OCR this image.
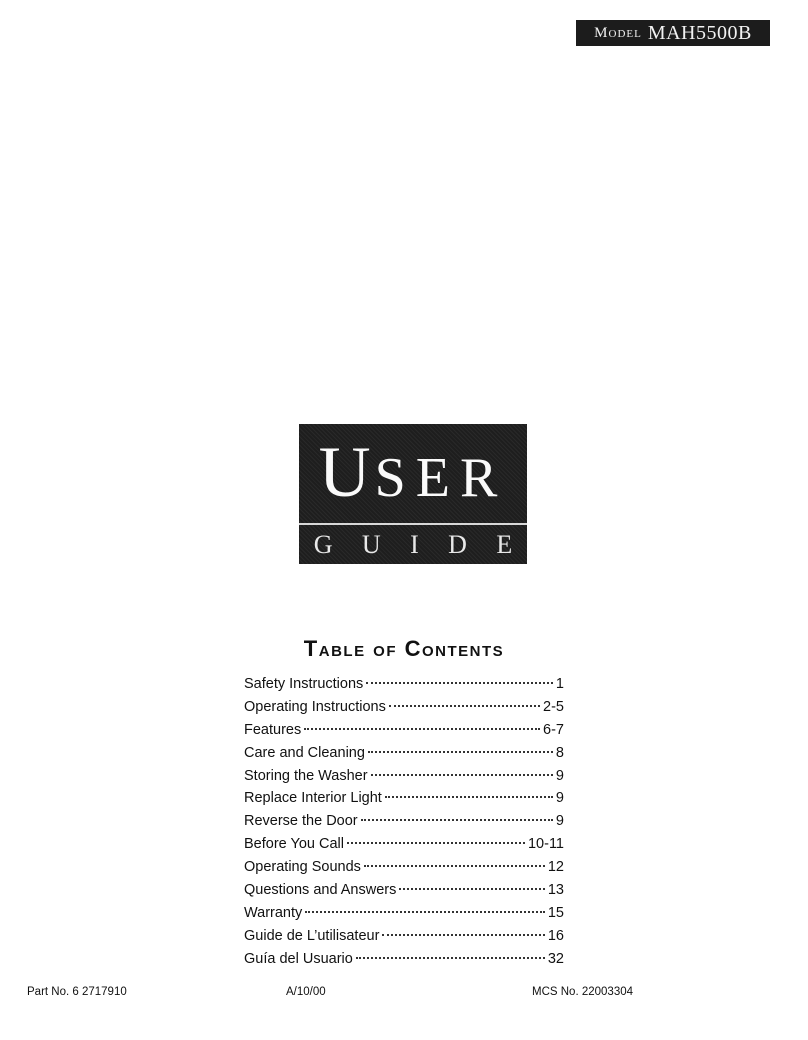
Model MAH5500B
USER
G U I D E
Table of Contents
Safety Instructions	1
Operating Instructions	2-5
Features	6-7
Care and Cleaning	8
Storing the Washer	9
Replace Interior Light	9
Reverse the Door	9
Before You Call	10-11
Operating Sounds	12
Questions and Answers	13
Warranty	15
Guide de L’utilisateur	16
Guía del Usuario	32
Part No. 6 2717910	A/10/00	MCS No. 22003304
